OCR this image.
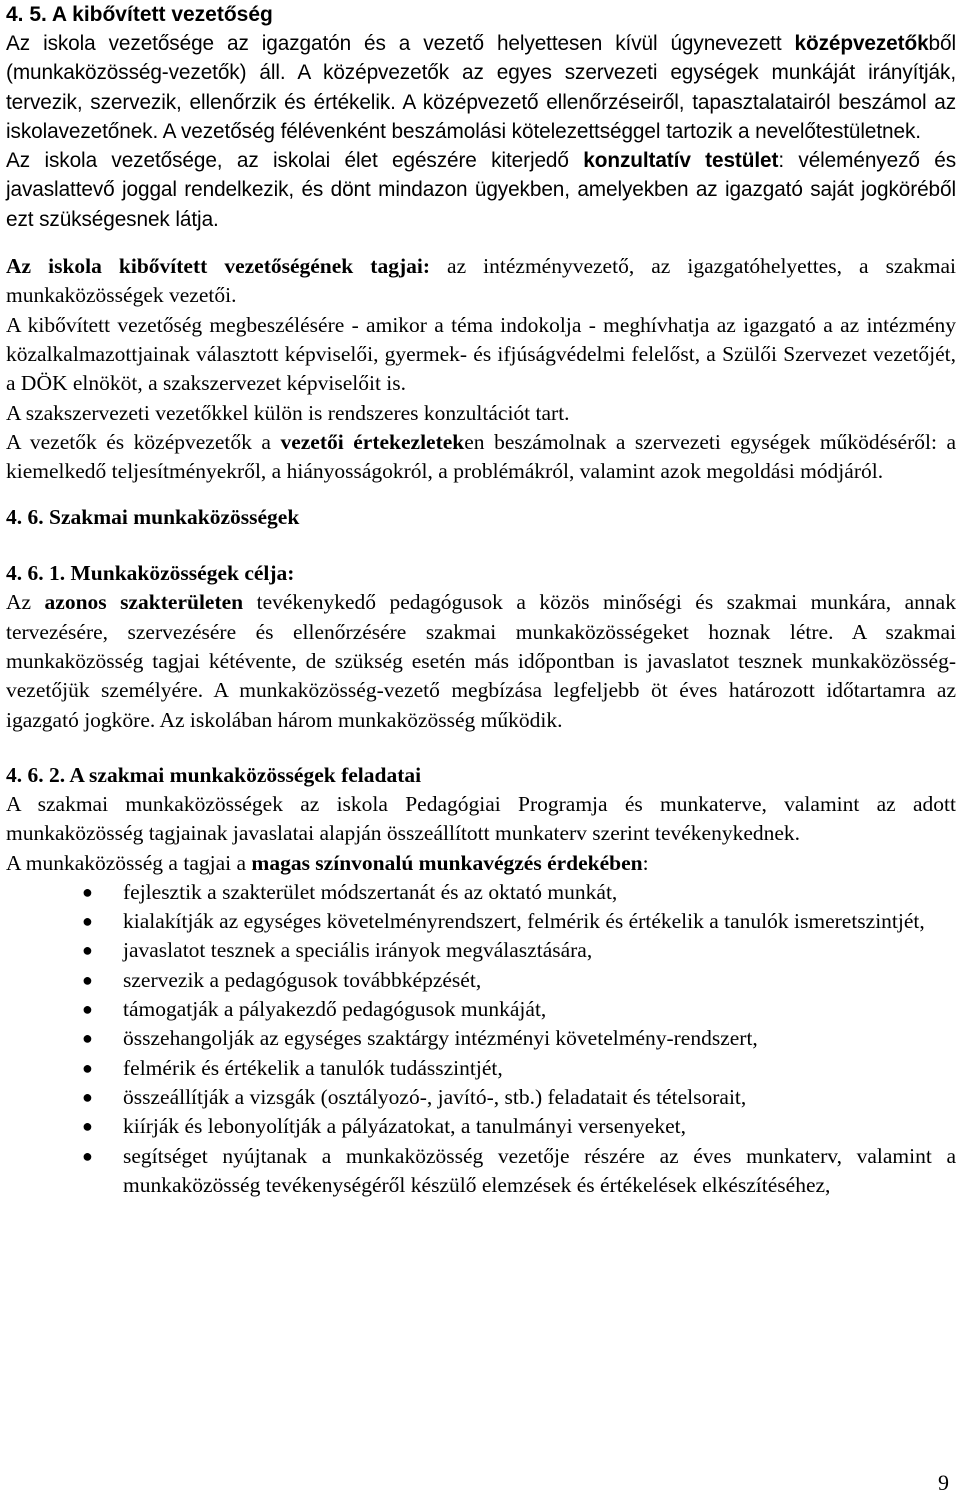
4. 5. A kibővített vezetőség

Az iskola vezetősége az igazgatón és a vezető helyettesen kívül úgynevezett középvezetőkből (munkaközösség-vezetők) áll. A középvezetők az egyes szervezeti egységek munkáját irányítják, tervezik, szervezik, ellenőrzik és értékelik. A középvezető ellenőrzéseiről, tapasztalatairól beszámol az iskolavezetőnek. A vezetőség félévenként beszámolási kötelezettséggel tartozik a nevelőtestületnek.

Az iskola vezetősége, az iskolai élet egészére kiterjedő konzultatív testület: véleményező és javaslattevő joggal rendelkezik, és dönt mindazon ügyekben, amelyekben az igazgató saját jogköréből ezt szükségesnek látja.

Az iskola kibővített vezetőségének tagjai: az intézményvezető, az igazgatóhelyettes, a szakmai munkaközösségek vezetői.

A kibővített vezetőség megbeszélésére - amikor a téma indokolja - meghívhatja az igazgató a az intézmény közalkalmazottjainak választott képviselői, gyermek- és ifjúságvédelmi felelőst, a Szülői Szervezet vezetőjét, a DÖK elnököt, a szakszervezet képviselőit is.

A szakszervezeti vezetőkkel külön is rendszeres konzultációt tart.

A vezetők és középvezetők a vezetői értekezleteken beszámolnak a szervezeti egységek működéséről: a kiemelkedő teljesítményekről, a hiányosságokról, a problémákról, valamint azok megoldási módjáról.

4. 6. Szakmai munkaközösségek
4. 6. 1. Munkaközösségek célja:

Az azonos szakterületen tevékenykedő pedagógusok a közös minőségi és szakmai munkára, annak tervezésére, szervezésére és ellenőrzésére szakmai munkaközösségeket hoznak létre. A szakmai munkaközösség tagjai kétévente, de szükség esetén más időpontban is javaslatot tesznek munkaközösség-vezetőjük személyére. A munkaközösség-vezető megbízása legfeljebb öt éves határozott időtartamra az igazgató jogköre. Az iskolában három munkaközösség működik.

4. 6. 2. A szakmai munkaközösségek feladatai

A szakmai munkaközösségek az iskola Pedagógiai Programja és munkaterve, valamint az adott munkaközösség tagjainak javaslatai alapján összeállított munkaterv szerint tevékenykednek.

A munkaközösség a tagjai a magas színvonalú munkavégzés érdekében:

● fejlesztik a szakterület módszertanát és az oktató munkát,
● kialakítják az egységes követelményrendszert, felmérik és értékelik a tanulók ismeretszintjét,
● javaslatot tesznek a speciális irányok megválasztására,
● szervezik a pedagógusok továbbképzését,
● támogatják a pályakezdő pedagógusok munkáját,
● összehangolják az egységes szaktárgy intézményi követelmény-rendszert,
● felmérik és értékelik a tanulók tudásszintjét,
● összeállítják a vizsgák (osztályozó-, javító-, stb.) feladatait és tételsorait,
● kiírják és lebonyolítják a pályázatokat, a tanulmányi versenyeket,
● segítséget nyújtanak a munkaközösség vezetője részére az éves munkaterv, valamint a munkaközösség tevékenységéről készülő elemzések és értékelések elkészítéséhez,
9
